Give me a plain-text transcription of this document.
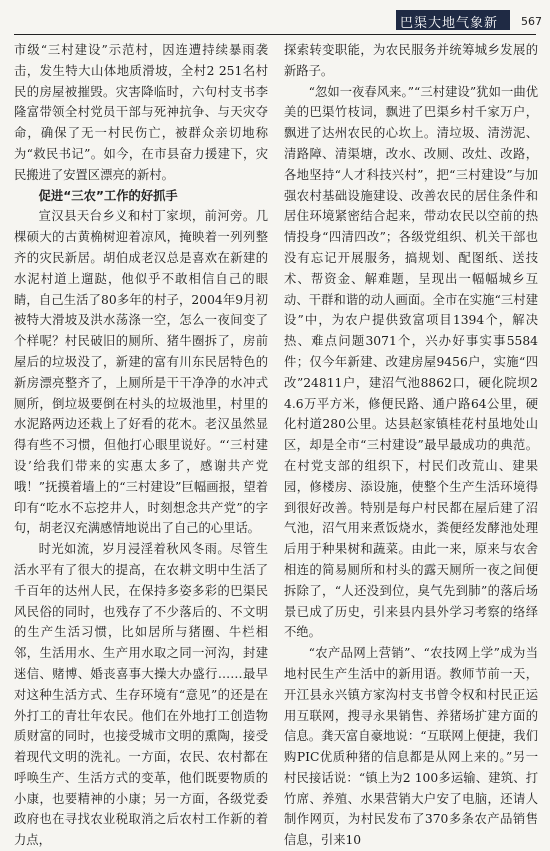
巴渠大地气象新 567

市级“三村建设”示范村，因连遭持续暴雨袭击，发生特大山体地质滑坡，全村2 251名村民的房屋被摧毁。灾害降临时，六句村支书李隆富带领全村党员干部与死神抗争、与天灾夺命，确保了无一村民伤亡，被群众亲切地称为“救民书记”。如今，在市县奋力援建下，灾民搬进了安置区漂亮的新村。

促进“三农”工作的好抓手

宣汉县天台乡义和村丁家坝，前河旁。几棵硕大的古黄桷树迎着凉风，掩映着一列列整齐的灾民新居。胡伯成老汉总是喜欢在新建的水泥村道上遛跶，他似乎不敢相信自己的眼睛，自己生活了80多年的村子，2004年9月初被特大滑坡及洪水荡涤一空，怎么一夜间变了个样呢？村民破旧的厕所、猪牛圈拆了，房前屋后的垃圾没了，新建的富有川东民居特色的新房漂亮整齐了，上厕所是干干净净的水冲式厕所，倒垃圾要倒在村头的垃圾池里，村里的水泥路两边还栽上了好看的花木。老汉虽然显得有些不习惯，但他打心眼里说好。“‘三村建设’给我们带来的实惠太多了，感谢共产党哦！”抚摸着墙上的“三村建设”巨幅画报，望着印有“吃水不忘挖井人，时刻想念共产党”的字句，胡老汉充满感情地说出了自己的心里话。

时光如流，岁月浸淫着秋风冬雨。尽管生活水平有了很大的提高，在农耕文明中生活了千百年的达州人民，在保持多姿多彩的巴渠民风民俗的同时，也残存了不少落后的、不文明的生产生活习惯，比如居所与猪圈、牛栏相邻，生活用水、生产用水取之同一河沟，封建迷信、赌博、婚丧喜事大操大办盛行……最早对这种生活方式、生存环境有“意见”的还是在外打工的青壮年农民。他们在外地打工创造物质财富的同时，也接受城市文明的熏陶，接受着现代文明的洗礼。一方面，农民、农村都在呼唤生产、生活方式的变革，他们既要物质的小康，也要精神的小康；另一方面，各级党委政府也在寻找农业税取消之后农村工作新的着力点，

探索转变职能，为农民服务并统筹城乡发展的新路子。

“忽如一夜春风来。”“三村建设”犹如一曲优美的巴渠竹枝词，飘进了巴渠乡村千家万户，飘进了达州农民的心坎上。清垃圾、清涝泥、清路障、清渠塘，改水、改厕、改灶、改路，各地坚持“人才科技兴村”，把“三村建设”与加强农村基础设施建设、改善农民的居住条件和居住环境紧密结合起来，带动农民以空前的热情投身“四清四改”；各级党组织、机关干部也没有忘记开展服务，搞规划、配图纸、送技术、帮资金、解难题，呈现出一幅幅城乡互动、干群和谐的动人画面。全市在实施“三村建设”中，为农户提供致富项目1394个，解决热、难点问题3071个，兴办好事实事5584件；仅今年新建、改建房屋9456户，实施“四改”24811户，建沼气池8862口，硬化院坝24.6万平方米，修便民路、通户路64公里，硬化村道280公里。达县赵家镇桂花村虽地处山区，却是全市“三村建设”最早最成功的典范。在村党支部的组织下，村民们改荒山、建果园，修楼房、添设施，使整个生产生活环境得到很好改善。特别是每户村民都在屋后建了沼气池，沼气用来煮饭烧水，粪便经发酵池处理后用于种果树和蔬菜。由此一来，原来与农舍相连的简易厕所和村头的露天厕所一夜之间便拆除了，“人还没到位，臭气先到肺”的落后场景已成了历史，引来县内县外学习考察的络绎不绝。

“农产品网上营销”、“农技网上学”成为当地村民生产生活中的新用语。教师节前一天，开江县永兴镇方家沟村支书曾令权和村民正运用互联网，搜寻永果销售、养猪场扩建方面的信息。龚天富自豪地说：“互联网上便捷，我们购PIC优质种猪的信息都是从网上来的。”另一村民接话说：“镇上为2 100多运输、建筑、打竹席、养殖、水果营销大户安了电脑，还请人制作网页，为村民发布了370多条农产品销售信息，引来10
